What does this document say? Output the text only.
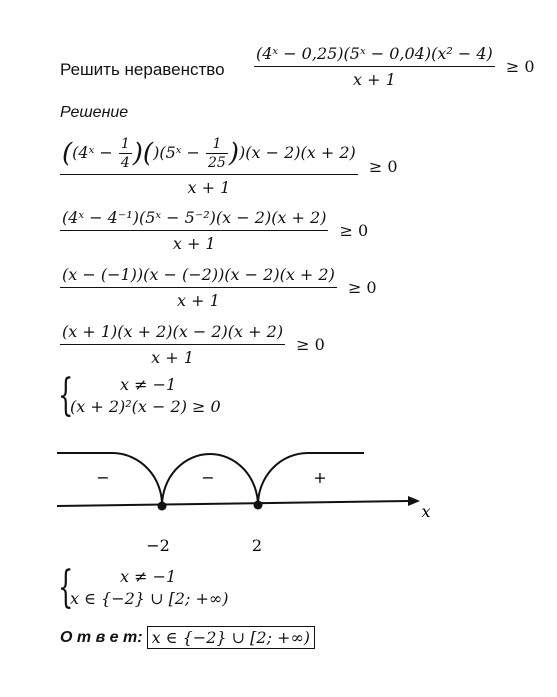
Решить неравенство $\frac{\text{(4ˣ − 0,25)(5ˣ − 0,04)(x² − 4)}}{x + 1} \ge 0$
Решение
$\frac{((4ˣ - \frac{1}{4} )()(5ˣ - \frac{1}{25} ))(x - 2)(x + 2)}{x + 1} \ge 0$
$\frac{\text{(4ˣ − 4⁻¹)(5ˣ − 5⁻²)(x − 2)(x + 2)}}{x + 1} \ge 0$
$\frac{(x - (-1))(x - (-2))(x - 2)(x + 2)}{x + 1} \ge 0$
$\frac{(x + 1)(x + 2)(x - 2)(x + 2)}{x + 1} \ge 0$
{	x ≠ −1
(x + 2)²(x − 2) ≥ 0
−	−	+
x
−2	2
{	x ≠ −1
x ∈ {−2} ∪ [2; +∞)
О т в е т: x ∈ {−2} ∪ [2; +∞)
